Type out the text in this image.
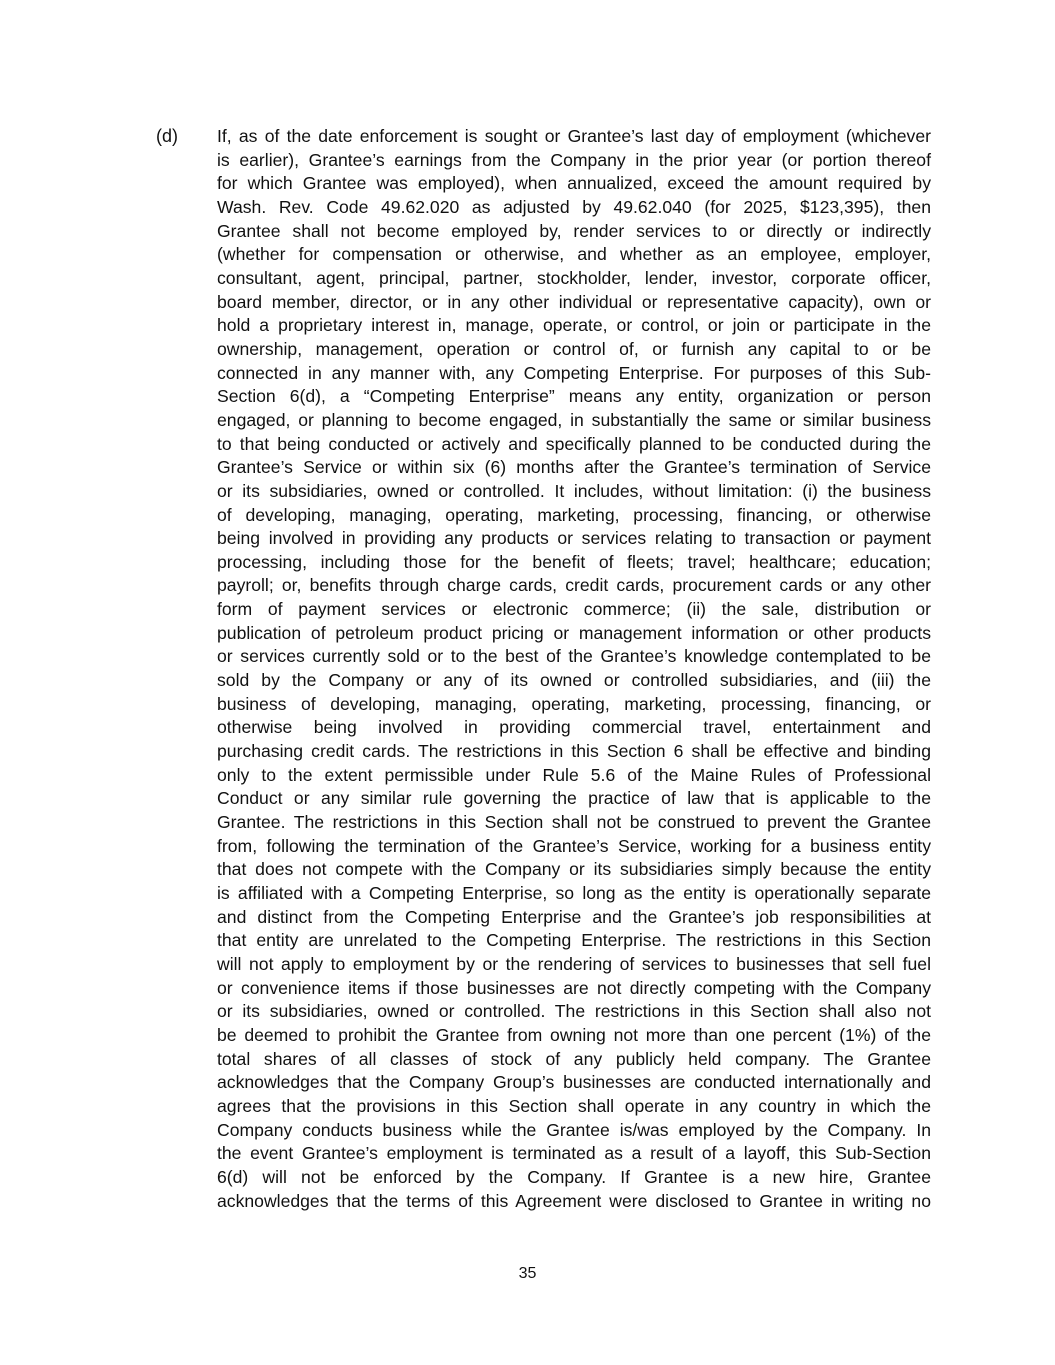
(d) If, as of the date enforcement is sought or Grantee’s last day of employment (whichever
is earlier), Grantee’s earnings from the Company in the prior year (or portion thereof
for which Grantee was employed), when annualized, exceed the amount required by
Wash. Rev. Code 49.62.020 as adjusted by 49.62.040 (for 2025, $123,395), then
Grantee shall not become employed by, render services to or directly or indirectly
(whether for compensation or otherwise, and whether as an employee, employer,
consultant, agent, principal, partner, stockholder, lender, investor, corporate officer,
board member, director, or in any other individual or representative capacity), own or
hold a proprietary interest in, manage, operate, or control, or join or participate in the
ownership, management, operation or control of, or furnish any capital to or be
connected in any manner with, any Competing Enterprise. For purposes of this Sub-
Section 6(d), a “Competing Enterprise” means any entity, organization or person
engaged, or planning to become engaged, in substantially the same or similar business
to that being conducted or actively and specifically planned to be conducted during the
Grantee’s Service or within six (6) months after the Grantee’s termination of Service
or its subsidiaries, owned or controlled. It includes, without limitation: (i) the business
of developing, managing, operating, marketing, processing, financing, or otherwise
being involved in providing any products or services relating to transaction or payment
processing, including those for the benefit of fleets; travel; healthcare; education;
payroll; or, benefits through charge cards, credit cards, procurement cards or any other
form of payment services or electronic commerce; (ii) the sale, distribution or
publication of petroleum product pricing or management information or other products
or services currently sold or to the best of the Grantee’s knowledge contemplated to be
sold by the Company or any of its owned or controlled subsidiaries, and (iii) the
business of developing, managing, operating, marketing, processing, financing, or
otherwise being involved in providing commercial travel, entertainment and
purchasing credit cards. The restrictions in this Section 6 shall be effective and binding
only to the extent permissible under Rule 5.6 of the Maine Rules of Professional
Conduct or any similar rule governing the practice of law that is applicable to the
Grantee. The restrictions in this Section shall not be construed to prevent the Grantee
from, following the termination of the Grantee’s Service, working for a business entity
that does not compete with the Company or its subsidiaries simply because the entity
is affiliated with a Competing Enterprise, so long as the entity is operationally separate
and distinct from the Competing Enterprise and the Grantee’s job responsibilities at
that entity are unrelated to the Competing Enterprise. The restrictions in this Section
will not apply to employment by or the rendering of services to businesses that sell fuel
or convenience items if those businesses are not directly competing with the Company
or its subsidiaries, owned or controlled. The restrictions in this Section shall also not
be deemed to prohibit the Grantee from owning not more than one percent (1%) of the
total shares of all classes of stock of any publicly held company. The Grantee
acknowledges that the Company Group’s businesses are conducted internationally and
agrees that the provisions in this Section shall operate in any country in which the
Company conducts business while the Grantee is/was employed by the Company. In
the event Grantee’s employment is terminated as a result of a layoff, this Sub-Section
6(d) will not be enforced by the Company. If Grantee is a new hire, Grantee
acknowledges that the terms of this Agreement were disclosed to Grantee in writing no
35
